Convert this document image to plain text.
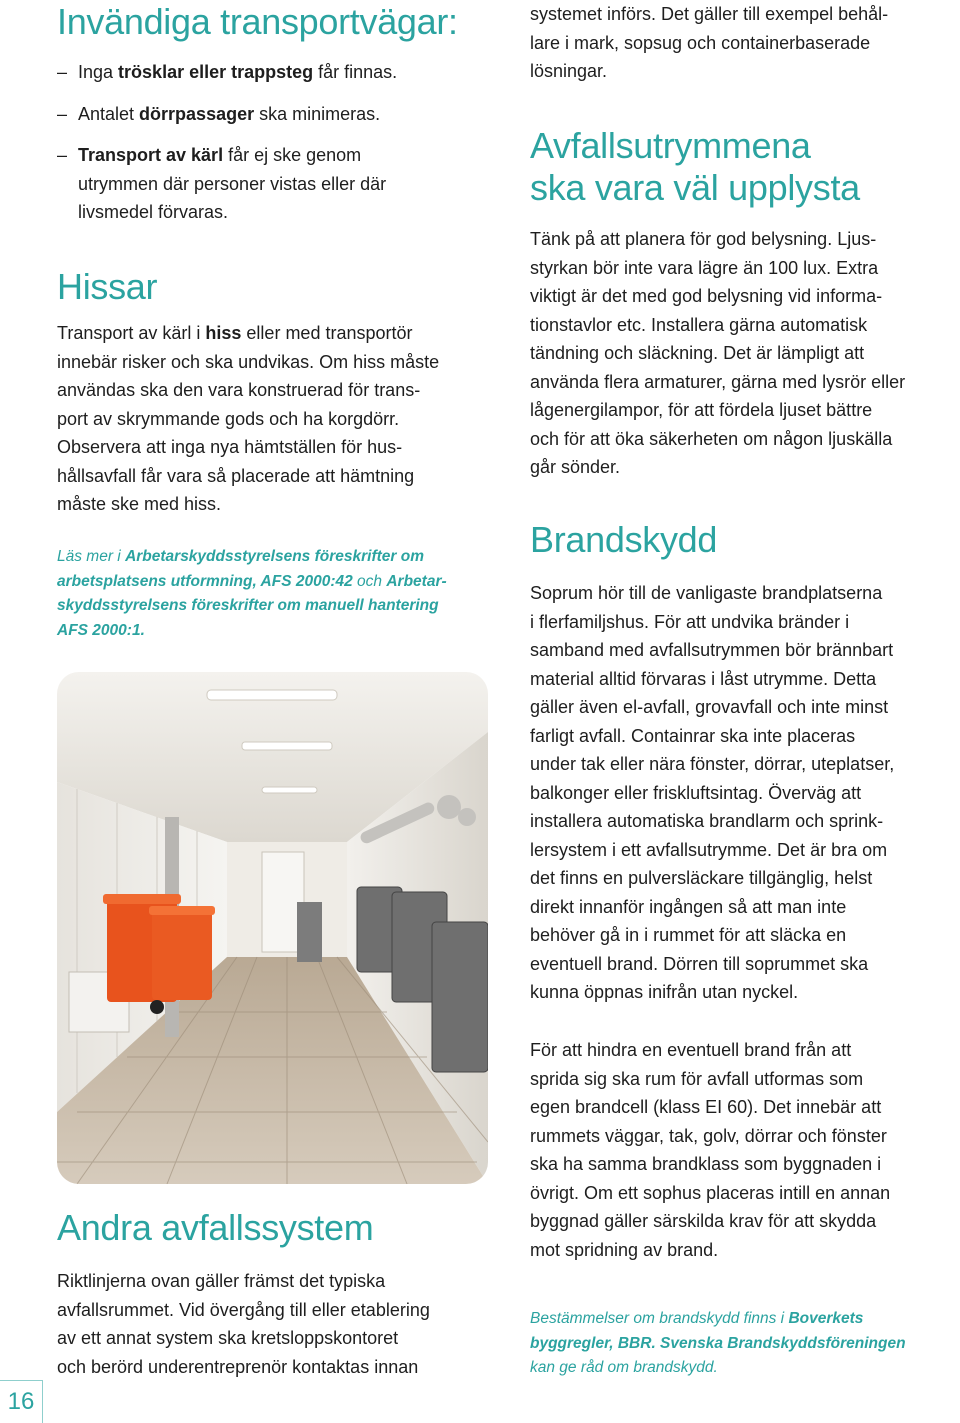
Invändiga transportvägar:
– Inga trösklar eller trappsteg får finnas.
– Antalet dörrpassager ska minimeras.
– Transport av kärl får ej ske genom
utrymmen där personer vistas eller där
livsmedel förvaras.
Hissar

Transport av kärl i hiss eller med transportör
innebär risker och ska undvikas. Om hiss måste
användas ska den vara konstruerad för trans-
port av skrymmande gods och ha korgdörr.
Observera att inga nya hämtställen för hus-
hållsavfall får vara så placerade att hämtning
måste ske med hiss.

Läs mer i Arbetarskyddsstyrelsens föreskrifter om
arbetsplatsens utformning, AFS 2000:42 och Arbetar-
skyddsstyrelsens föreskrifter om manuell hantering
AFS 2000:1.

Andra avfallssystem

Riktlinjerna ovan gäller främst det typiska
avfallsrummet. Vid övergång till eller etablering
av ett annat system ska kretsloppskontoret
och berörd underentreprenör kontaktas innan

systemet införs. Det gäller till exempel behål-
lare i mark, sopsug och containerbaserade
lösningar.

Avfallsutrymmena
ska vara väl upplysta

Tänk på att planera för god belysning. Ljus-
styrkan bör inte vara lägre än 100 lux. Extra
viktigt är det med god belysning vid informa-
tionstavlor etc. Installera gärna automatisk
tändning och släckning. Det är lämpligt att
använda flera armaturer, gärna med lysrör eller
lågenergilampor, för att fördela ljuset bättre
och för att öka säkerheten om någon ljuskälla
går sönder.

Brandskydd

Soprum hör till de vanligaste brandplatserna
i flerfamiljshus. För att undvika bränder i
samband med avfallsutrymmen bör brännbart
material alltid förvaras i låst utrymme. Detta
gäller även el-avfall, grovavfall och inte minst
farligt avfall. Containrar ska inte placeras
under tak eller nära fönster, dörrar, uteplatser,
balkonger eller friskluftsintag. Överväg att
installera automatiska brandlarm och sprink-
lersystem i ett avfallsutrymme. Det är bra om
det finns en pulversläckare tillgänglig, helst
direkt innanför ingången så att man inte
behöver gå in i rummet för att släcka en
eventuell brand. Dörren till soprummet ska
kunna öppnas inifrån utan nyckel.

För att hindra en eventuell brand från att
sprida sig ska rum för avfall utformas som
egen brandcell (klass EI 60). Det innebär att
rummets väggar, tak, golv, dörrar och fönster
ska ha samma brandklass som byggnaden i
övrigt. Om ett sophus placeras intill en annan
byggnad gäller särskilda krav för att skydda
mot spridning av brand.

Bestämmelser om brandskydd finns i Boverkets
byggregler, BBR. Svenska Brandskyddsföreningen
kan ge råd om brandskydd.

16
